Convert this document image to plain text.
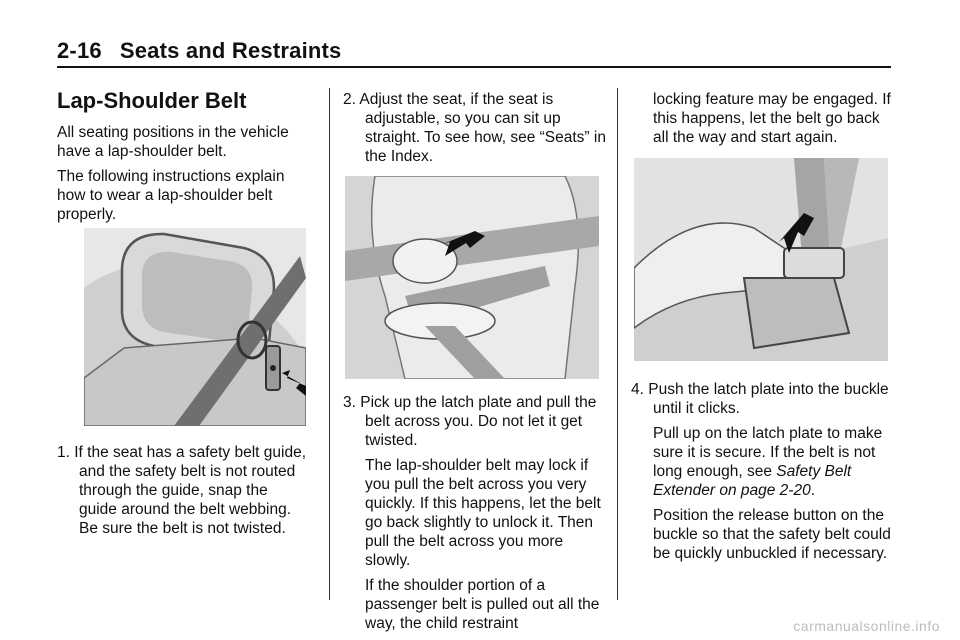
2-16 Seats and Restraints
Lap-Shoulder Belt

All seating positions in the vehicle have a lap-shoulder belt.

The following instructions explain how to wear a lap-shoulder belt properly.

1. If the seat has a safety belt guide, and the safety belt is not routed through the guide, snap the guide around the belt webbing. Be sure the belt is not twisted.

2. Adjust the seat, if the seat is adjustable, so you can sit up straight. To see how, see “Seats” in the Index.

3. Pick up the latch plate and pull the belt across you. Do not let it get twisted.

The lap-shoulder belt may lock if you pull the belt across you very quickly. If this happens, let the belt go back slightly to unlock it. Then pull the belt across you more slowly.

If the shoulder portion of a passenger belt is pulled out all the way, the child restraint

locking feature may be engaged. If this happens, let the belt go back all the way and start again.

4. Push the latch plate into the buckle until it clicks.

Pull up on the latch plate to make sure it is secure. If the belt is not long enough, see Safety Belt Extender on page 2-20.

Position the release button on the buckle so that the safety belt could be quickly unbuckled if necessary.

carmanualsonline.info
